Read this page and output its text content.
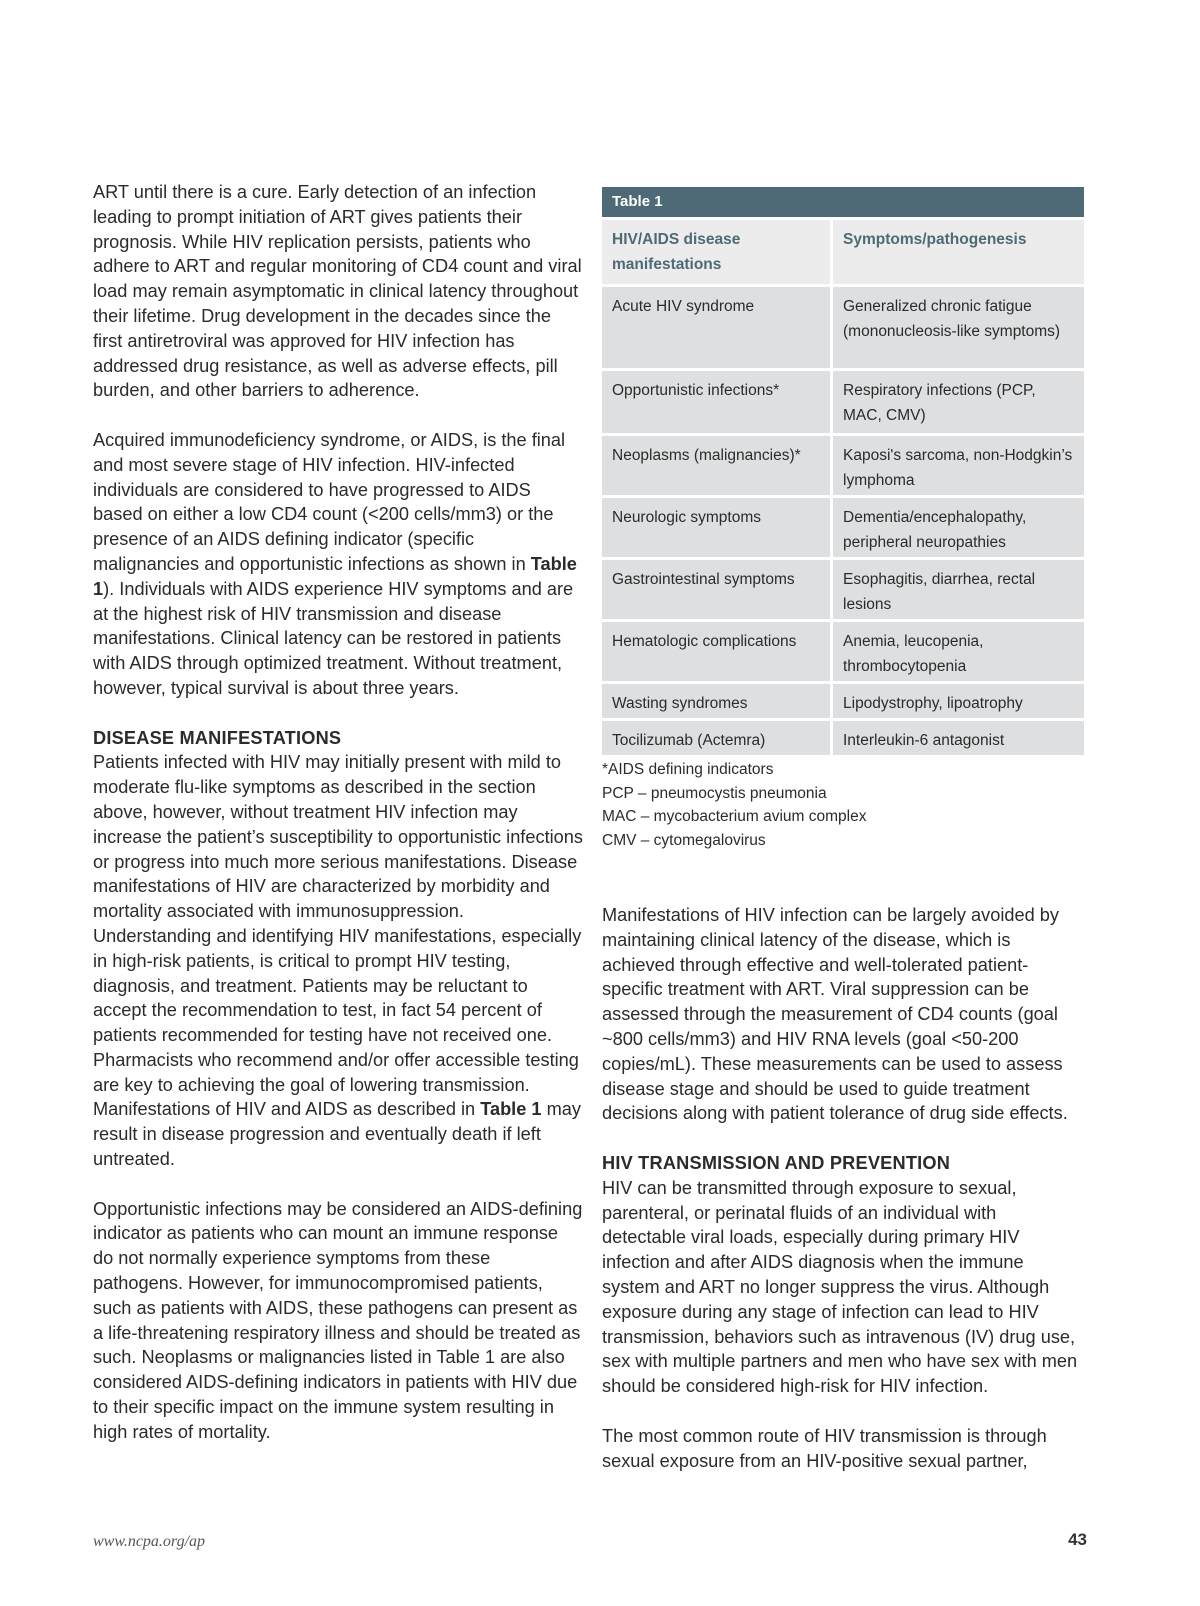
ART until there is a cure. Early detection of an infection leading to prompt initiation of ART gives patients their prognosis. While HIV replication persists, patients who adhere to ART and regular monitoring of CD4 count and viral load may remain asymptomatic in clinical latency throughout their lifetime. Drug development in the decades since the first antiretroviral was approved for HIV infection has addressed drug resistance, as well as adverse effects, pill burden, and other barriers to adherence.

Acquired immunodeficiency syndrome, or AIDS, is the final and most severe stage of HIV infection. HIV-infected individuals are considered to have progressed to AIDS based on either a low CD4 count (<200 cells/mm3) or the presence of an AIDS defining indicator (specific malignancies and opportunistic infections as shown in Table 1). Individuals with AIDS experience HIV symptoms and are at the highest risk of HIV transmission and disease manifestations. Clinical latency can be restored in patients with AIDS through optimized treatment. Without treatment, however, typical survival is about three years.

DISEASE MANIFESTATIONS

Patients infected with HIV may initially present with mild to moderate flu-like symptoms as described in the section above, however, without treatment HIV infection may increase the patient’s susceptibility to opportunistic infections or progress into much more serious manifestations. Disease manifestations of HIV are characterized by morbidity and mortality associated with immunosuppression. Understanding and identifying HIV manifestations, especially in high-risk patients, is critical to prompt HIV testing, diagnosis, and treatment. Patients may be reluctant to accept the recommendation to test, in fact 54 percent of patients recommended for testing have not received one. Pharmacists who recommend and/or offer accessible testing are key to achieving the goal of lowering transmission. Manifestations of HIV and AIDS as described in Table 1 may result in disease progression and eventually death if left untreated.

Opportunistic infections may be considered an AIDS-defining indicator as patients who can mount an immune response do not normally experience symptoms from these pathogens. However, for immunocompromised patients, such as patients with AIDS, these pathogens can present as a life-threatening respiratory illness and should be treated as such. Neoplasms or malignancies listed in Table 1 are also considered AIDS-defining indicators in patients with HIV due to their specific impact on the immune system resulting in high rates of mortality.

Table 1
HIV/AIDS disease manifestations	Symptoms/pathogenesis
Acute HIV syndrome	Generalized chronic fatigue (mononucleosis-like symptoms)
Opportunistic infections*	Respiratory infections (PCP, MAC, CMV)
Neoplasms (malignancies)*	Kaposi's sarcoma, non-Hodgkin’s lymphoma
Neurologic symptoms	Dementia/encephalopathy, peripheral neuropathies
Gastrointestinal symptoms	Esophagitis, diarrhea, rectal lesions
Hematologic complications	Anemia, leucopenia, thrombocytopenia
Wasting syndromes	Lipodystrophy, lipoatrophy
Tocilizumab (Actemra)	Interleukin-6 antagonist
*AIDS defining indicators
PCP – pneumocystis pneumonia
MAC – mycobacterium avium complex
CMV – cytomegalovirus

Manifestations of HIV infection can be largely avoided by maintaining clinical latency of the disease, which is achieved through effective and well-tolerated patient-specific treatment with ART. Viral suppression can be assessed through the measurement of CD4 counts (goal ~800 cells/mm3) and HIV RNA levels (goal <50-200 copies/mL). These measurements can be used to assess disease stage and should be used to guide treatment decisions along with patient tolerance of drug side effects.

HIV TRANSMISSION AND PREVENTION

HIV can be transmitted through exposure to sexual, parenteral, or perinatal fluids of an individual with detectable viral loads, especially during primary HIV infection and after AIDS diagnosis when the immune system and ART no longer suppress the virus. Although exposure during any stage of infection can lead to HIV transmission, behaviors such as intravenous (IV) drug use, sex with multiple partners and men who have sex with men should be considered high-risk for HIV infection.

The most common route of HIV transmission is through sexual exposure from an HIV-positive sexual partner,

www.ncpa.org/ap	43
